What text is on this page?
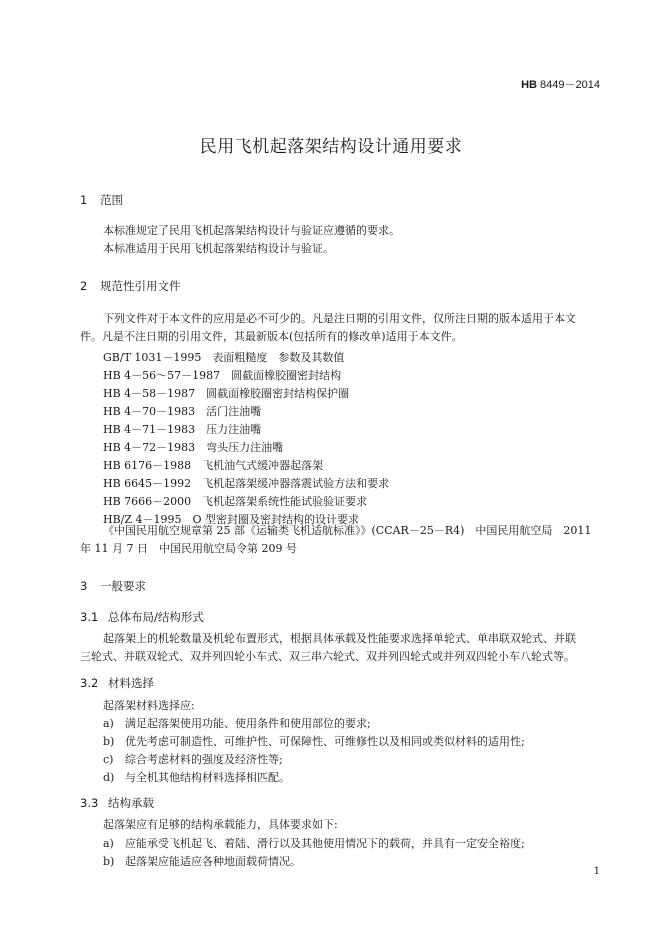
HB 8449－2014
民用飞机起落架结构设计通用要求
1 范围
本标准规定了民用飞机起落架结构设计与验证应遵循的要求。
本标准适用于民用飞机起落架结构设计与验证。
2 规范性引用文件
下列文件对于本文件的应用是必不可少的。凡是注日期的引用文件，仅所注日期的版本适用于本文
件。凡是不注日期的引用文件，其最新版本(包括所有的修改单)适用于本文件。
GB/T 1031－1995　 表面粗糙度　参数及其数值
HB 4－56～57－1987　 圆截面橡胶圈密封结构
HB 4－58－1987　 圆截面橡胶圈密封结构保护圈
HB 4－70－1983　 活门注油嘴
HB 4－71－1983　 压力注油嘴
HB 4－72－1983　 弯头压力注油嘴
HB 6176－1988　 飞机油气式缓冲器起落架
HB 6645－1992　 飞机起落架缓冲器落震试验方法和要求
HB 7666－2000　 飞机起落架系统性能试验验证要求
HB/Z 4－1995　 O 型密封圈及密封结构的设计要求
《中国民用航空规章第 25 部《运输类飞机适航标准》》(CCAR－25－R4)　中国民用航空局　2011
年 11 月 7 日　中国民用航空局令第 209 号
3 一般要求
3.1 总体布局/结构形式
起落架上的机轮数量及机轮布置形式，根据具体承载及性能要求选择单轮式、单串联双轮式、并联
三轮式、并联双轮式、双并列四轮小车式、双三串六轮式、双并列四轮式或并列双四轮小车八轮式等。
3.2 材料选择
起落架材料选择应:
a) 满足起落架使用功能、使用条件和使用部位的要求;
b) 优先考虑可制造性、可维护性、可保障性、可维修性以及相同或类似材料的适用性;
c) 综合考虑材料的强度及经济性等;
d) 与全机其他结构材料选择相匹配。
3.3 结构承载
起落架应有足够的结构承载能力，具体要求如下:
a) 应能承受飞机起飞、着陆、滑行以及其他使用情况下的载荷，并具有一定安全裕度;
b) 起落架应能适应各种地面载荷情况。
1
